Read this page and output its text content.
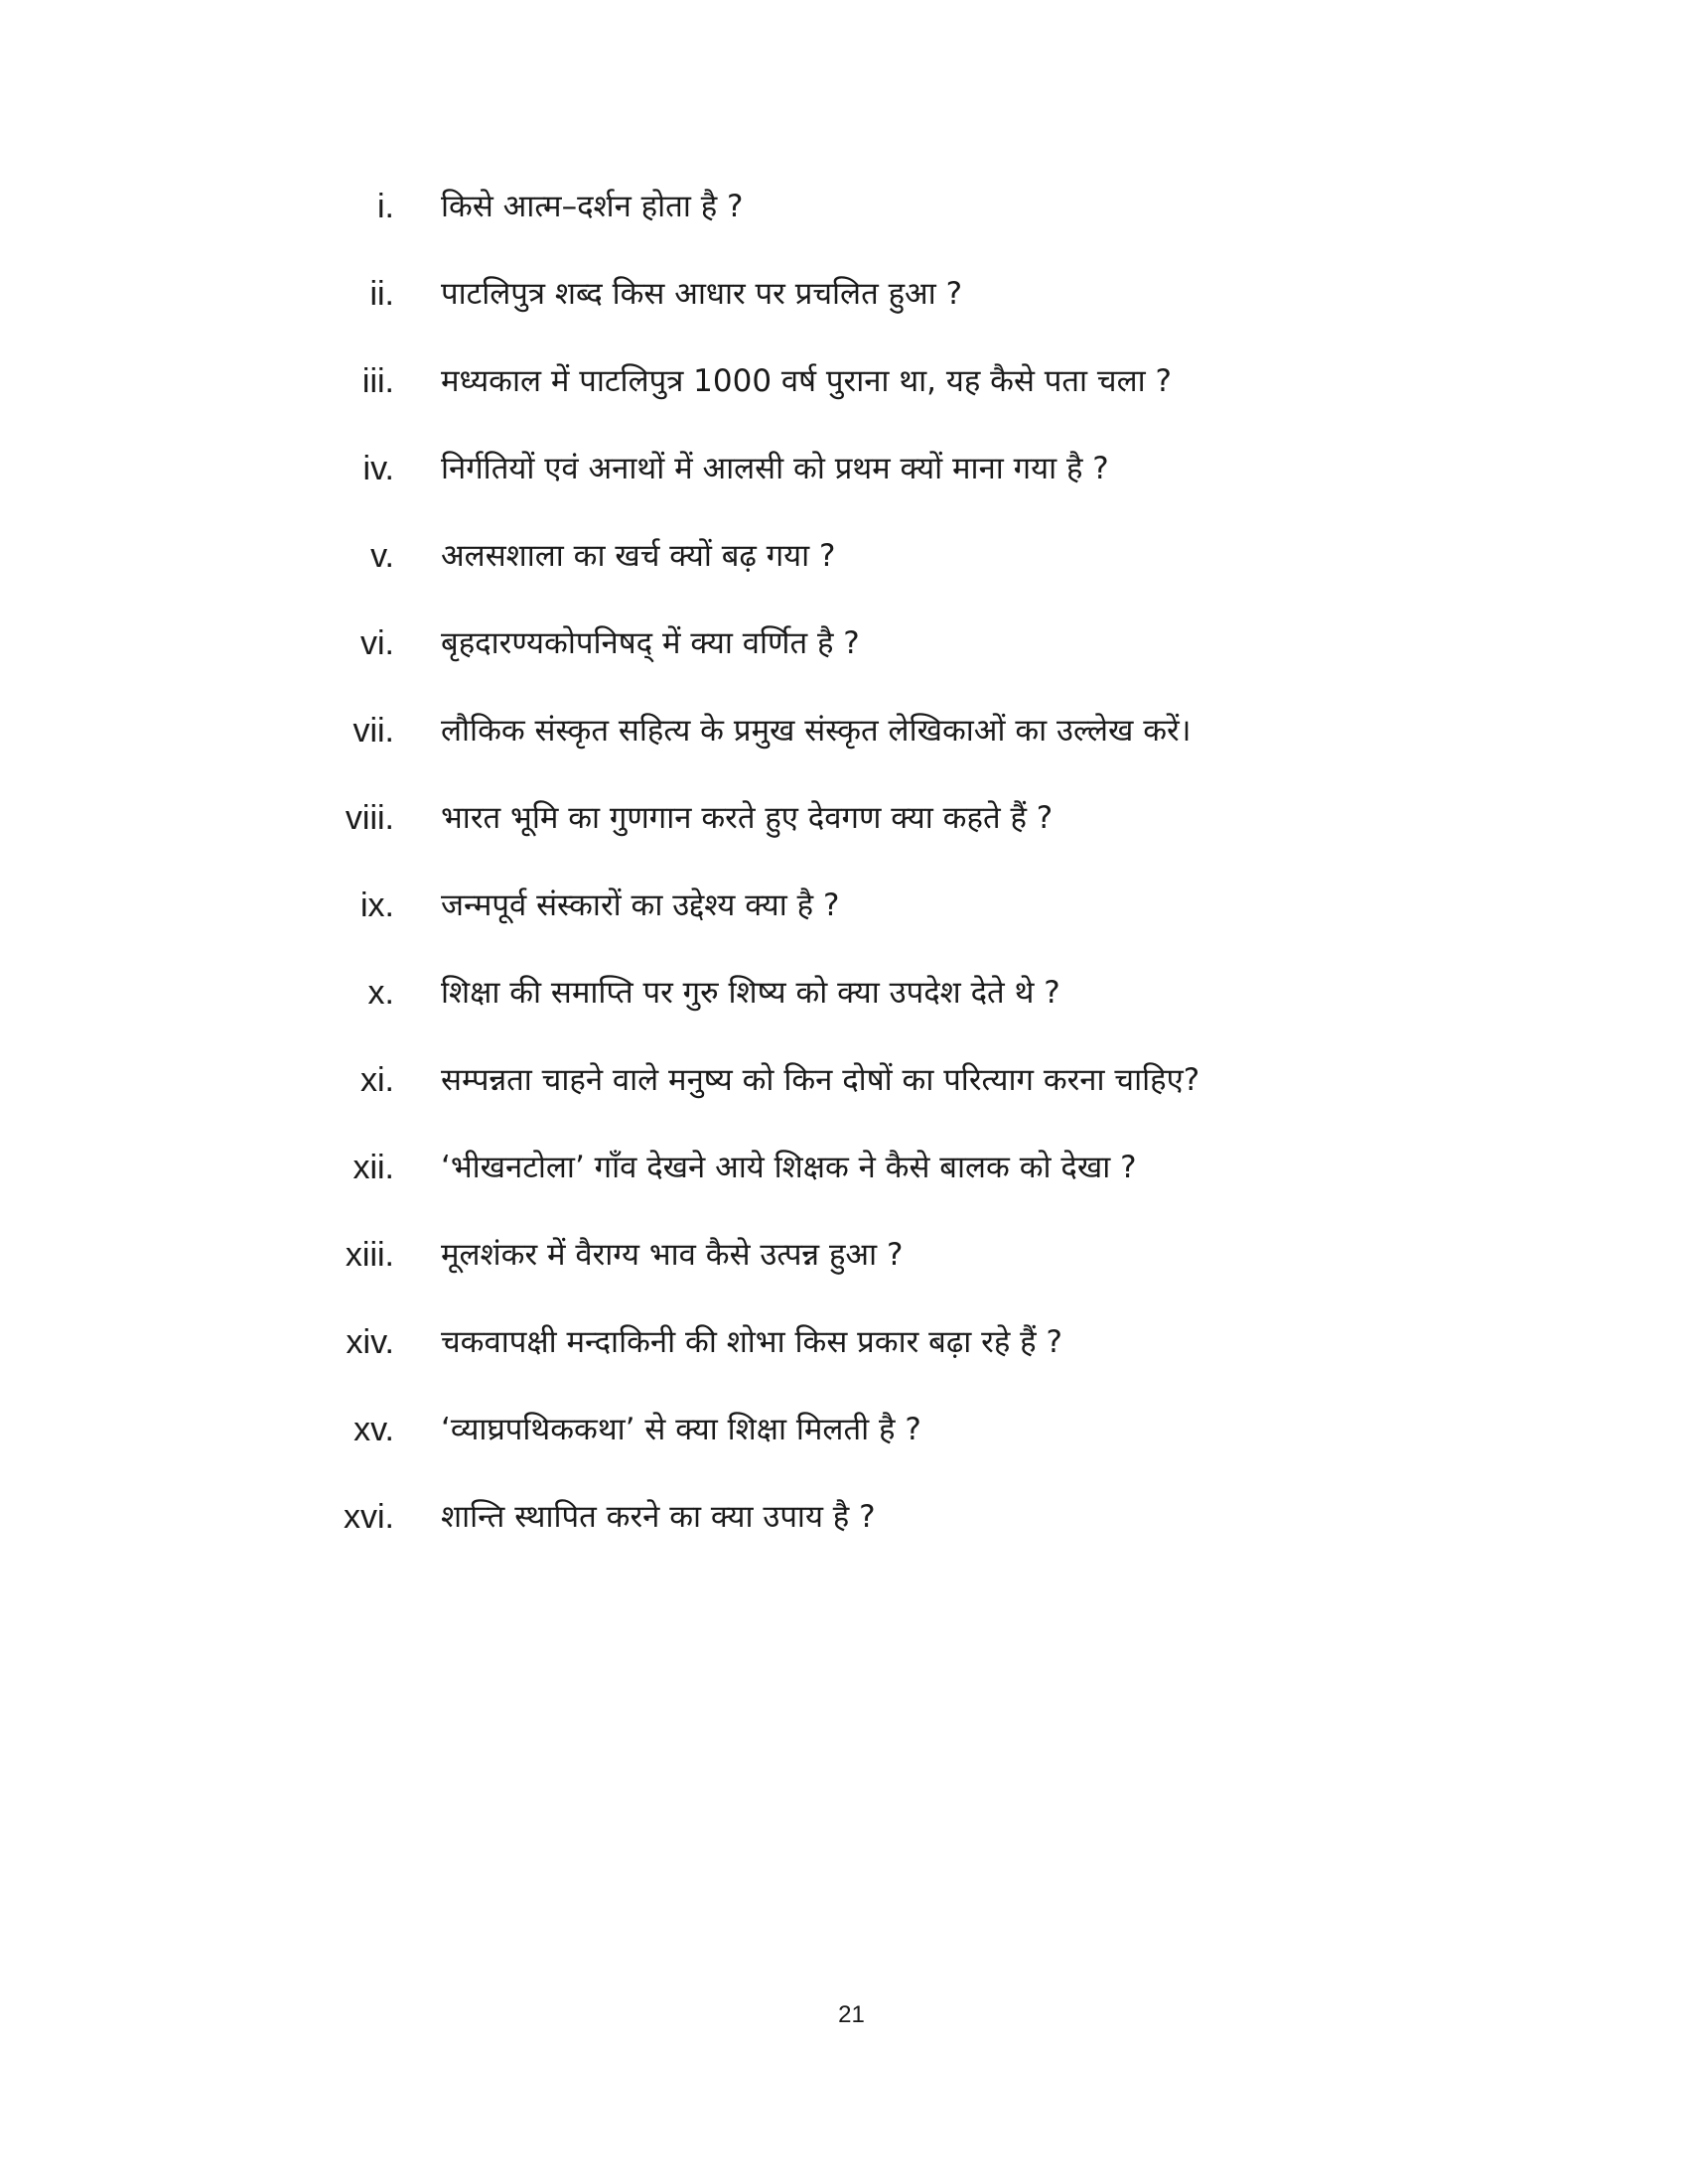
i. किसे आत्म–दर्शन होता है ?
ii. पाटलिपुत्र शब्द किस आधार पर प्रचलित हुआ ?
iii. मध्यकाल में पाटलिपुत्र 1000 वर्ष पुराना था, यह कैसे पता चला ?
iv. निर्गतियों एवं अनाथों में आलसी को प्रथम क्यों माना गया है ?
v. अलसशाला का खर्च क्यों बढ़ गया ?
vi. बृहदारण्यकोपनिषद् में क्या वर्णित है ?
vii. लौकिक संस्कृत सहित्य के प्रमुख संस्कृत लेखिकाओं का उल्लेख करें।
viii. भारत भूमि का गुणगान करते हुए देवगण क्या कहते हैं ?
ix. जन्मपूर्व संस्कारों का उद्देश्य क्या है ?
x. शिक्षा की समाप्ति पर गुरु शिष्य को क्या उपदेश देते थे ?
xi. सम्पन्नता चाहने वाले मनुष्य को किन दोषों का परित्याग करना चाहिए?
xii. ‘भीखनटोला’ गाँव देखने आये शिक्षक ने कैसे बालक को देखा ?
xiii. मूलशंकर में वैराग्य भाव कैसे उत्पन्न हुआ ?
xiv. चकवापक्षी मन्दाकिनी की शोभा किस प्रकार बढ़ा रहे हैं ?
xv. ‘व्याघ्रपथिककथा’ से क्या शिक्षा मिलती है ?
xvi. शान्ति स्थापित करने का क्या उपाय है ?
21
